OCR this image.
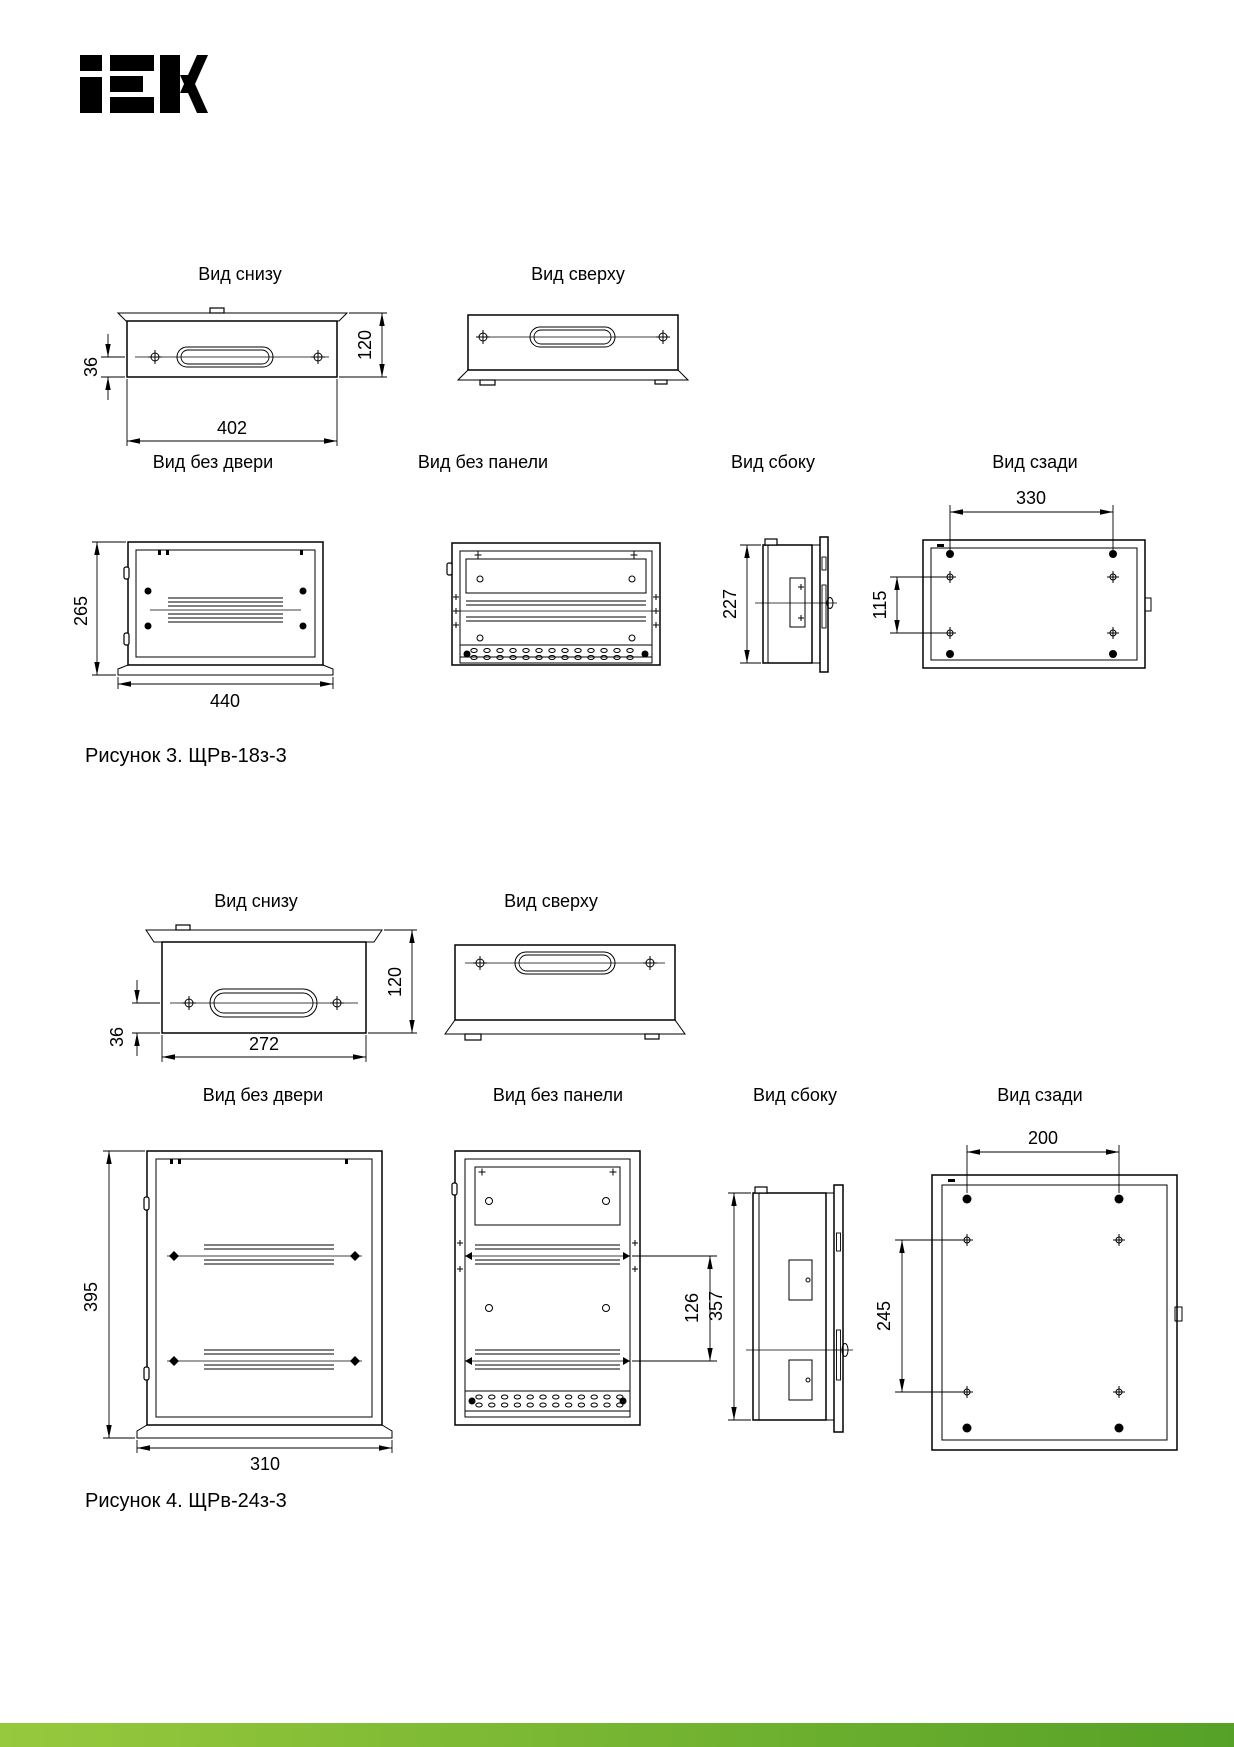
Вид снизу	Вид сверху
36
402
120
Вид без двери	Вид без панели	Вид сбоку	Вид сзади
265
440
227
330
115
Рисунок 3. ЩРв-18з-3
Вид снизу	Вид сверху
36	272
120
Вид без двери	Вид без панели	Вид сбоку	Вид сзади
395
310
126 357
200
245
Рисунок 4. ЩРв-24з-3
